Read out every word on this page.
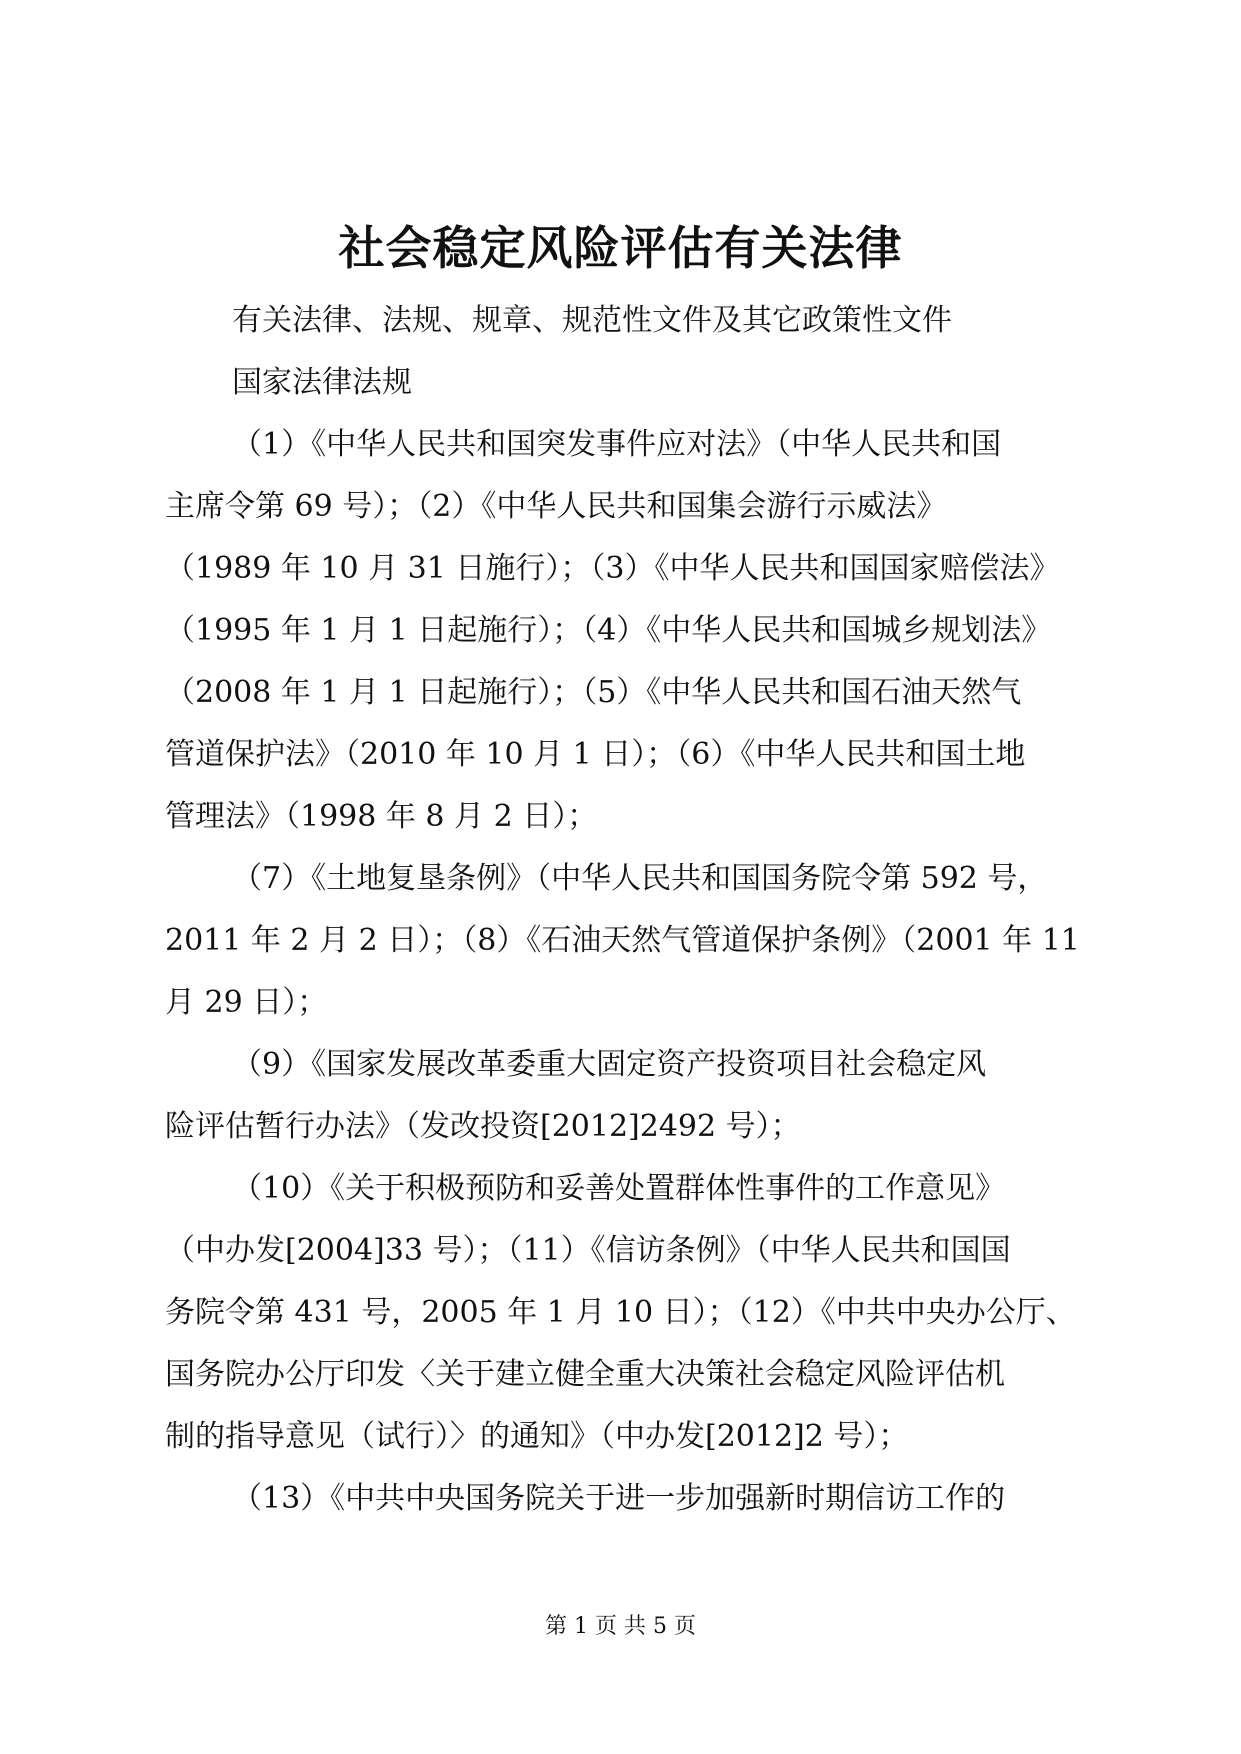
社会稳定风险评估有关法律
有关法律、法规、规章、规范性文件及其它政策性文件
国家法律法规
（1）《中华人民共和国突发事件应对法》（中华人民共和国
主席令第 69 号）；（2）《中华人民共和国集会游行示威法》
（1989 年 10 月 31 日施行）；（3）《中华人民共和国国家赔偿法》
（1995 年 1 月 1 日起施行）；（4）《中华人民共和国城乡规划法》
（2008 年 1 月 1 日起施行）；（5）《中华人民共和国石油天然气
管道保护法》（2010 年 10 月 1 日）；（6）《中华人民共和国土地
管理法》（1998 年 8 月 2 日）；
（7）《土地复垦条例》（中华人民共和国国务院令第 592 号，
2011 年 2 月 2 日）；（8）《石油天然气管道保护条例》（2001 年 11
月 29 日）；
（9）《国家发展改革委重大固定资产投资项目社会稳定风
险评估暂行办法》（发改投资[2012]2492 号）；
（10）《关于积极预防和妥善处置群体性事件的工作意见》
（中办发[2004]33 号）；（11）《信访条例》（中华人民共和国国
务院令第 431 号，2005 年 1 月 10 日）；（12）《中共中央办公厅、
国务院办公厅印发〈关于建立健全重大决策社会稳定风险评估机
制的指导意见（试行）〉的通知》（中办发[2012]2 号）；
（13）《中共中央国务院关于进一步加强新时期信访工作的
第 1 页 共 5 页
